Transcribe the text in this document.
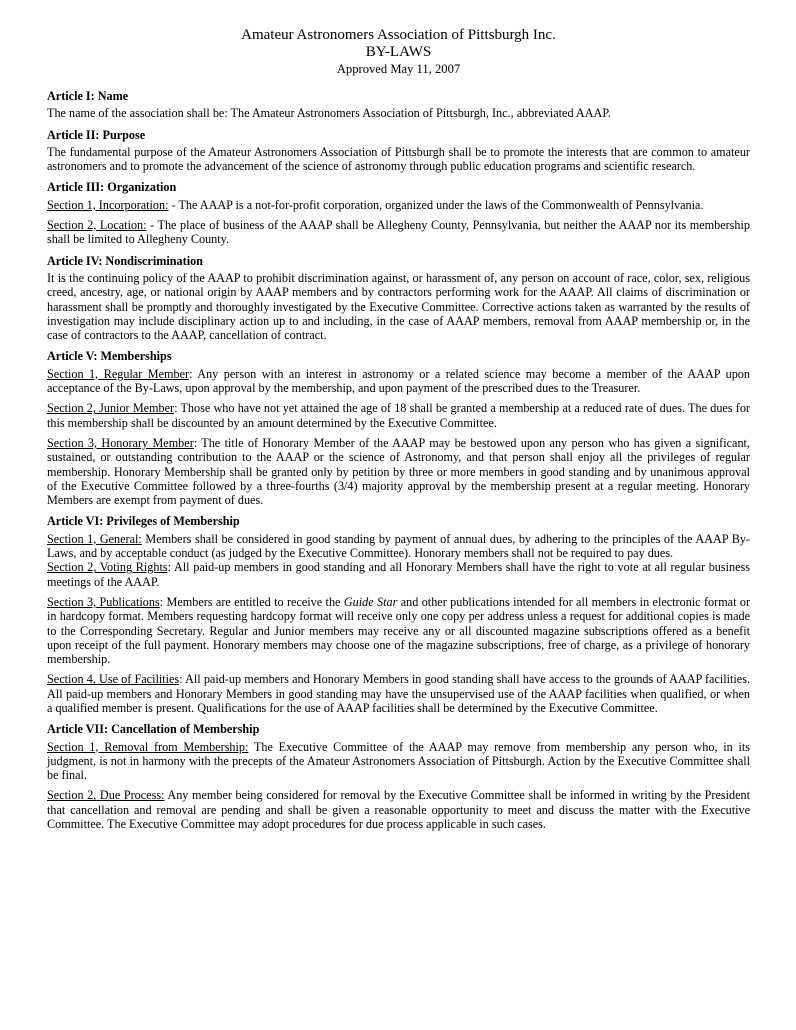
Amateur Astronomers Association of Pittsburgh Inc.
BY-LAWS
Approved May 11, 2007
Article I: Name

The name of the association shall be: The Amateur Astronomers Association of Pittsburgh, Inc., abbreviated AAAP.

Article II: Purpose

The fundamental purpose of the Amateur Astronomers Association of Pittsburgh shall be to promote the interests that are common to amateur astronomers and to promote the advancement of the science of astronomy through public education programs and scientific research.

Article III: Organization

Section 1, Incorporation: - The AAAP is a not-for-profit corporation, organized under the laws of the Commonwealth of Pennsylvania.

Section 2, Location: - The place of business of the AAAP shall be Allegheny County, Pennsylvania, but neither the AAAP nor its membership shall be limited to Allegheny County.

Article IV: Nondiscrimination

It is the continuing policy of the AAAP to prohibit discrimination against, or harassment of, any person on account of race, color, sex, religious creed, ancestry, age, or national origin by AAAP members and by contractors performing work for the AAAP. All claims of discrimination or harassment shall be promptly and thoroughly investigated by the Executive Committee. Corrective actions taken as warranted by the results of investigation may include disciplinary action up to and including, in the case of AAAP members, removal from AAAP membership or, in the case of contractors to the AAAP, cancellation of contract.

Article V: Memberships

Section 1, Regular Member: Any person with an interest in astronomy or a related science may become a member of the AAAP upon acceptance of the By-Laws, upon approval by the membership, and upon payment of the prescribed dues to the Treasurer.

Section 2, Junior Member: Those who have not yet attained the age of 18 shall be granted a membership at a reduced rate of dues. The dues for this membership shall be discounted by an amount determined by the Executive Committee.

Section 3, Honorary Member: The title of Honorary Member of the AAAP may be bestowed upon any person who has given a significant, sustained, or outstanding contribution to the AAAP or the science of Astronomy, and that person shall enjoy all the privileges of regular membership. Honorary Membership shall be granted only by petition by three or more members in good standing and by unanimous approval of the Executive Committee followed by a three-fourths (3/4) majority approval by the membership present at a regular meeting. Honorary Members are exempt from payment of dues.

Article VI: Privileges of Membership

Section 1, General: Members shall be considered in good standing by payment of annual dues, by adhering to the principles of the AAAP By-Laws, and by acceptable conduct (as judged by the Executive Committee). Honorary members shall not be required to pay dues.

Section 2, Voting Rights: All paid-up members in good standing and all Honorary Members shall have the right to vote at all regular business meetings of the AAAP.

Section 3, Publications: Members are entitled to receive the Guide Star and other publications intended for all members in electronic format or in hardcopy format. Members requesting hardcopy format will receive only one copy per address unless a request for additional copies is made to the Corresponding Secretary. Regular and Junior members may receive any or all discounted magazine subscriptions offered as a benefit upon receipt of the full payment. Honorary members may choose one of the magazine subscriptions, free of charge, as a privilege of honorary membership.

Section 4, Use of Facilities: All paid-up members and Honorary Members in good standing shall have access to the grounds of AAAP facilities. All paid-up members and Honorary Members in good standing may have the unsupervised use of the AAAP facilities when qualified, or when a qualified member is present. Qualifications for the use of AAAP facilities shall be determined by the Executive Committee.

Article VII: Cancellation of Membership

Section 1, Removal from Membership: The Executive Committee of the AAAP may remove from membership any person who, in its judgment, is not in harmony with the precepts of the Amateur Astronomers Association of Pittsburgh. Action by the Executive Committee shall be final.

Section 2, Due Process: Any member being considered for removal by the Executive Committee shall be informed in writing by the President that cancellation and removal are pending and shall be given a reasonable opportunity to meet and discuss the matter with the Executive Committee. The Executive Committee may adopt procedures for due process applicable in such cases.
